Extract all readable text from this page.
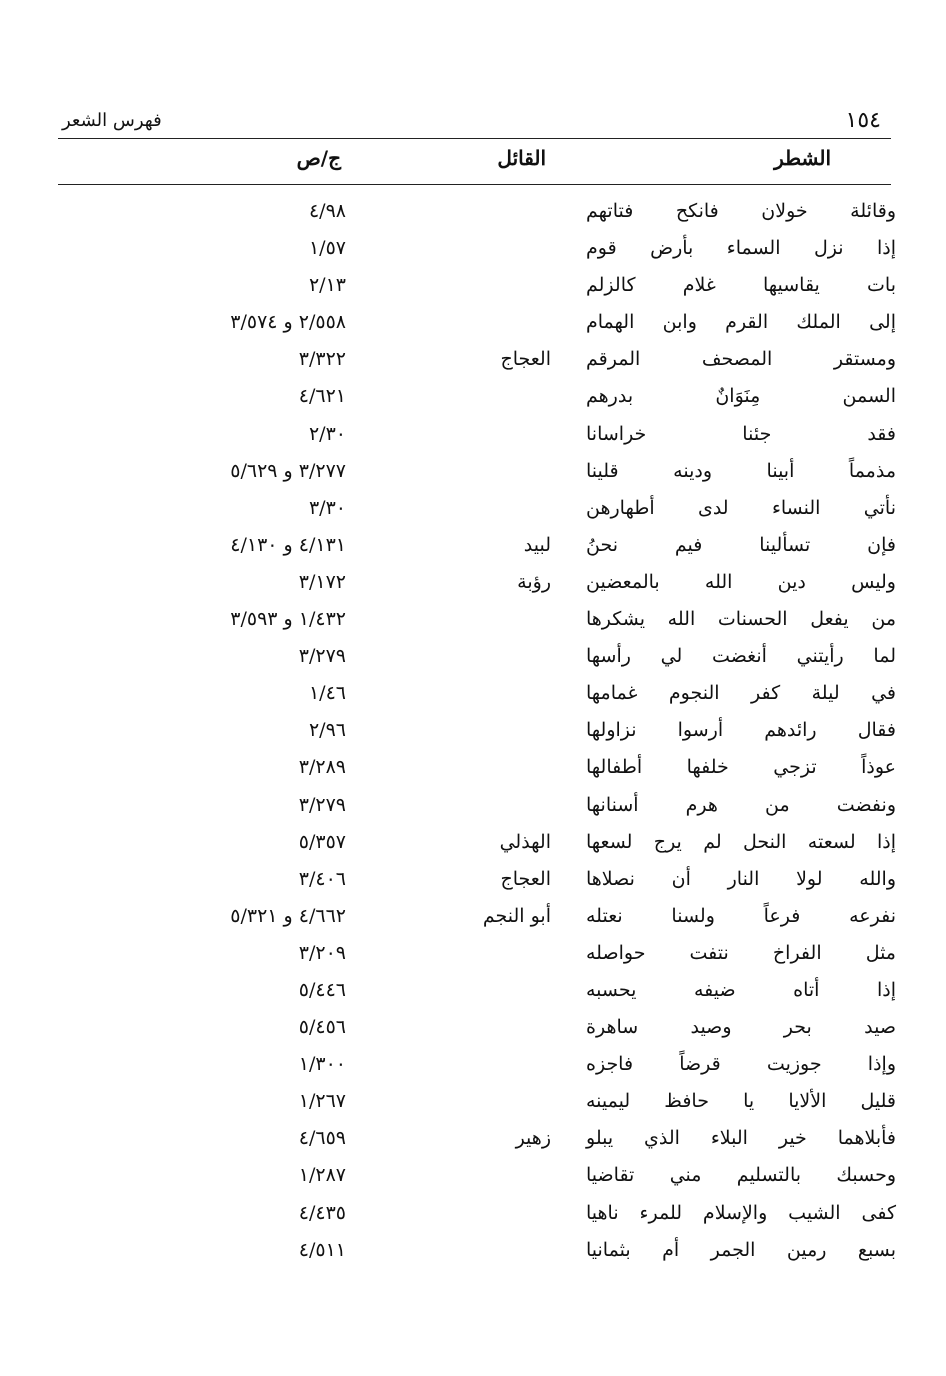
١٥٤
فهرس الشعر
الشطر
القائل
ج/ص
وقائلة خولان فانكح فتاتهم
٤/٩٨
إذا نزل السماء بأرض قوم
١/٥٧
بات يقاسيها غلام كالزلم
٢/١٣
إلى الملك القرم وابن الهمام
٢/٥٥٨ و ٣/٥٧٤
ومستقر المصحف المرقم
العجاج
٣/٣٢٢
السمن مِنَوَانٌ بدرهم
٤/٦٢١
فقد جئنا خراسانا
٢/٣٠
مذمماً أبينا ودينه قلينا
٣/٢٧٧ و ٥/٦٢٩
نأتي النساء لدى أطهارهن
٣/٣٠
فإن تسألينا فيم نحنُ
لبيد
٤/١٣١ و ٤/١٣٠
وليس دين الله بالمعضين
رؤبة
٣/١٧٢
من يفعل الحسنات الله يشكرها
١/٤٣٢ و ٣/٥٩٣
لما رأيتني أنغضت لي رأسها
٣/٢٧٩
في ليلة كفر النجوم غمامها
١/٤٦
فقال رائدهم أرسوا نزاولها
٢/٩٦
عوذاً تزجي خلفها أطفالها
٣/٢٨٩
ونفضت من هرم أسنانها
٣/٢٧٩
إذا لسعته النحل لم يرج لسعها
الهذلي
٥/٣٥٧
والله لولا النار أن نصلاها
العجاج
٣/٤٠٦
نفرعه فرعاً ولسنا نعتله
أبو النجم
٤/٦٦٢ و ٥/٣٢١
مثل الفراخ نتفت حواصله
٣/٢٠٩
إذا أتاه ضيفه يحسبه
٥/٤٤٦
صيد بحر وصيد ساهرة
٥/٤٥٦
وإذا جوزيت قرضاً فاجزه
١/٣٠٠
قليل الألايا يا حافظ ليمينه
١/٢٦٧
فأبلاهما خير البلاء الذي يبلو
زهير
٤/٦٥٩
وحسبك بالتسليم مني تقاضيا
١/٢٨٧
كفى الشيب والإسلام للمرء ناهيا
٤/٤٣٥
بسبع رمين الجمر أم بثمانيا
٤/٥١١
